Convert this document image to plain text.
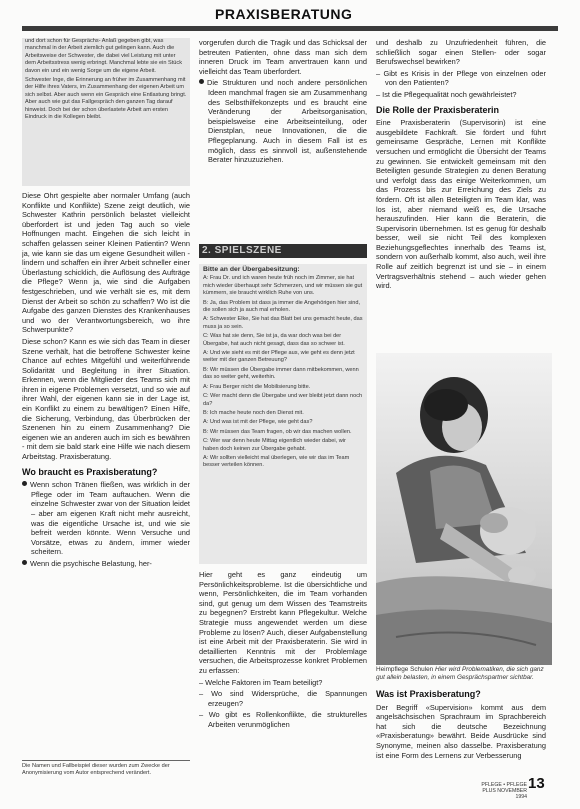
PRAXISBERATUNG

und dort schon für Gesprächs- Anlaß gegeben gibt, was manchmal in der Arbeit ziemlich gut gelingen kann. Auch die Arbeitsweise der Schwester, die dabei viel Leistung mit unter dem Arbeitsstress wenig erbringt. Manchmal lebte sie ein Stück davon ein und ein wenig Sorge um die eigene Arbeit.

Schwester Inge, die Erinnerung an früher im Zusammenhang mit der Hilfe ihres Vaters, im Zusammenhang der eigenen Arbeit um sich selbst. Aber auch wenn ein Gespräch eine Entlastung bringt. Aber auch wie gut das Fallgespräch den ganzen Tag darauf hinweist. Doch bei der schon überlastete Arbeit am ersten Eindruck in die Kollegen bleibt.

Diese Ohrt gespielte aber normaler Umfang (auch Konflikte und Konflikte) Szene zeigt deutlich, wie Schwester Kathrin persönlich belastet vielleicht überfordert ist und jeden Tag auch so viele Hoffnungen macht. Eingehen die sich leicht in schaffen gelassen seiner Kleinen Patientin? Wenn ja, wie kann sie das um eigene Gesundheit willen - lindern und schaffen ein ihrer Arbeit schneller einer Überlastung schicklich, die Auflösung des Aufträge die Pflege? Wenn ja, wie sind die Aufgaben festgeschrieben, und wie verhält sie es, mit dem Dienst der Arbeit so schön zu schaffen? Wo ist die Aufgabe des ganzen Dienstes des Krankenhauses und wo der Verantwortungsbereich, wo ihre Schwerpunkte?

Diese schon? Kann es wie sich das Team in dieser Szene verhält, hat die betroffene Schwester keine Chance auf echtes Mitgefühl und weiterführende Solidarität und Begleitung in ihrer Situation. Erkennen, wenn die Mitglieder des Teams sich mit ihren in eigene Problemen versetzt, und so wie auf ihrer Wahl, der eigenen kann sie in der Lage ist, ein Konflikt zu einem zu bewältigen? Einen Hilfe, die Sicherung, Verbindung, das Überbrücken der Szenenen hin zu einem Zusammenhang? Die eigenen wie an anderen auch im sich es bewähren - mit dem sie bald stark eine Hilfe wie nach diesem Arbeitstag. Praxisberatung.

Wo braucht es Praxisberatung?

Wenn schon Tränen fließen, was wirklich in der Pflege oder im Team auftauchen. Wenn die einzelne Schwester zwar von der Situation leidet – aber am eigenen Kraft nicht mehr ausreicht, was die eigentliche Ursache ist, und wie sie befreit werden könnte. Wenn Versuche und Vorsätze, etwas zu ändern, immer wieder scheitern.

Wenn die psychische Belastung, her-

Die Namen und Fallbeispiel dieser wurden zum Zwecke der Anonymisierung vom Autor entsprechend verändert.

vorgerufen durch die Tragik und das Schicksal der betreuten Patienten, ohne dass man sich dem inneren Druck im Team anvertrauen kann und vielleicht das Team überfordert.

Die Strukturen und noch andere persönlichen Ideen manchmal fragen sie am Zusammenhang des Selbsthilfekonzepts und es braucht eine Veränderung der Arbeitsorganisation, beispielsweise eine Arbeitseinteilung, oder Dienstplan, neue Innovationen, die die Pflegeplanung. Auch in diesem Fall ist es möglich, dass es sinnvoll ist, außenstehende Berater hinzuzuziehen.

2. SPIELSZENE

Bitte an der Übergabesitzung:

A: Frau Dr. und ich waren heute früh noch im Zimmer, sie hat mich wieder überhaupt sehr Schmerzen, und wir müssen sie gut kümmern, sie braucht wirklich Ruhe von uns.

B: Ja, das Problem ist dass ja immer die Angehörigen hier sind, die sollen sich ja auch mal erholen.

A: Schwester Elke, Sie hat das Blatt bei uns gemacht heute, das muss ja so sein.

C: Was hat sie denn, Sie ist ja, da war doch was bei der Übergabe, hat auch nicht gesagt, dass das so schwer ist.

A: Und wie sieht es mit der Pflege aus, wie geht es denn jetzt weiter mit der ganzen Betreuung?

B: Wir müssen die Übergabe immer dann mitbekommen, wenn das so weiter geht, weiterhin.

A: Frau Berger nicht die Mobilisierung bitte.

C: Wer macht denn die Übergabe und wer bleibt jetzt dann noch da?

B: Ich mache heute noch den Dienst mit.

A: Und was ist mit der Pflege, wie geht das?

B: Wir müssen das Team fragen, ob wir das machen wollen.

C: Wer war denn heute Mittag eigentlich wieder dabei, wir haben doch keinen zur Übergabe gehabt.

A: Wir sollten vielleicht mal überlegen, wie wir das im Team besser verteilen können.

Hier geht es ganz eindeutig um Persönlichkeitsprobleme. Ist die übersichtliche und wenn, Persönlichkeiten, die im Team vorhanden sind, gut genug um dem Wissen des Teamstreits zu begegnen? Erstrebt kann Pflegekultur. Welche Strategie muss angewendet werden um diese Probleme zu lösen? Auch, dieser Aufgabenstellung ist eine Arbeit mit der Praxisberaterin. Sie wird in detaillierten Kenntnis mit der Problemlage versuchen, die Arbeitsprozesse konkret Problemen zu erfassen:

– Welche Faktoren im Team beteiligt?

– Wo sind Widersprüche, die Spannungen erzeugen?

– Wo gibt es Rollenkonflikte, die strukturelles Arbeiten verunmöglichen

und deshalb zu Unzufriedenheit führen, die schließlich sogar einen Stellen- oder sogar Berufswechsel bewirken?

– Gibt es Krisis in der Pflege von einzelnen oder von den Patienten?

– Ist die Pflegequalität noch gewährleistet?

Die Rolle der Praxisberaterin

Eine Praxisberaterin (Supervisorin) ist eine ausgebildete Fachkraft. Sie fördert und führt gemeinsame Gespräche, Lernen mit Konflikte versuchen und ermöglicht die Übersicht der Teams zu gewinnen. Sie entwickelt gemeinsam mit den Beteiligten gesunde Strategien zu denen Beratung und verfolgt dass das einige Weiterkommen, um das Prozess bis zur Erreichung des Ziels zu fördern. Oft ist allen Beteiligten im Team klar, was los ist, aber niemand weiß es, die Ursache herauszufinden. Hier kann die Beraterin, die Supervisorin übernehmen. Ist es genug für deshalb besser, weil sie nicht Teil des komplexen Beziehungsgeflechtes innerhalb des Teams ist, sondern von außerhalb kommt, also auch, weil ihre Rolle auf zeitlich begrenzt ist und sie – in einem Vertragsverhältnis stehend – auch wieder gehen wird.

Heimpflege Schulen Hier wird Problematiken, die sich ganz gut allein belasten, in einem Gesprächspartner sichtbar.
Was ist Praxisberatung?

Der Begriff «Supervision» kommt aus dem angelsächsischen Sprachraum im Sprachbereich hat sich die deutsche Bezeichnung «Praxisberatung» bewährt. Beide Ausdrücke sind Synonyme, meinen also dasselbe. Praxisberatung ist eine Form des Lernens zur Verbesserung

PFLEGE • PFLEGE PLUS NOVEMBER 1994
13
